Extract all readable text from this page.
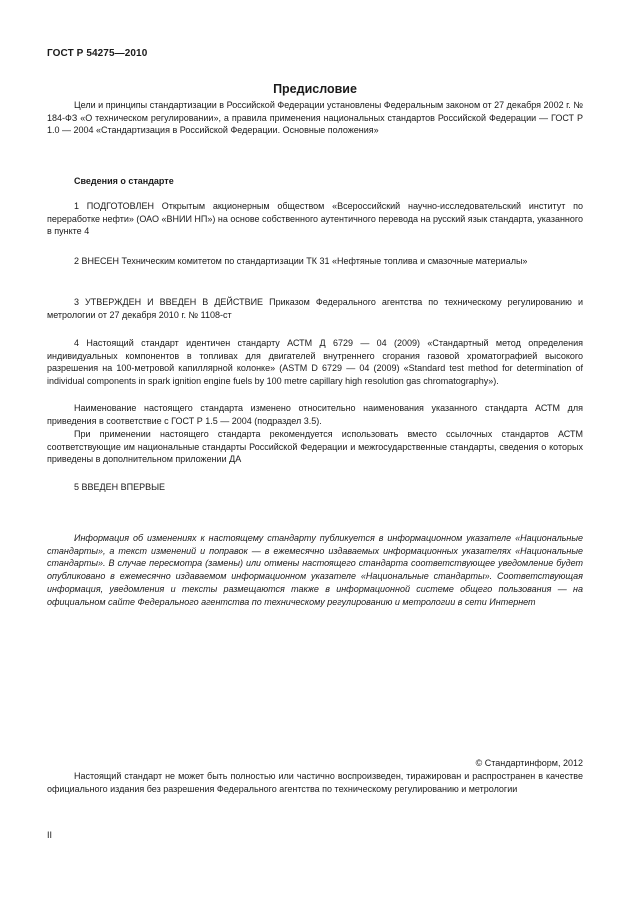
ГОСТ Р 54275—2010
Предисловие

Цели и принципы стандартизации в Российской Федерации установлены Федеральным законом от 27 декабря 2002 г. № 184-ФЗ «О техническом регулировании», а правила применения национальных стандартов Российской Федерации — ГОСТ Р 1.0 — 2004 «Стандартизация в Российской Федерации. Основные положения»

Сведения о стандарте

1 ПОДГОТОВЛЕН Открытым акционерным обществом «Всероссийский научно-исследовательский институт по переработке нефти» (ОАО «ВНИИ НП») на основе собственного аутентичного перевода на русский язык стандарта, указанного в пункте 4

2 ВНЕСЕН Техническим комитетом по стандартизации ТК 31 «Нефтяные топлива и смазочные материалы»

3 УТВЕРЖДЕН И ВВЕДЕН В ДЕЙСТВИЕ Приказом Федерального агентства по техническому регулированию и метрологии от 27 декабря 2010 г. № 1108-ст

4 Настоящий стандарт идентичен стандарту АСТМ Д 6729 — 04 (2009) «Стандартный метод определения индивидуальных компонентов в топливах для двигателей внутреннего сгорания газовой хроматографией высокого разрешения на 100-метровой капиллярной колонке» (ASTM D 6729 — 04 (2009) «Standard test method for determination of individual components in spark ignition engine fuels by 100 metre capillary high resolution gas chromatography»).

Наименование настоящего стандарта изменено относительно наименования указанного стандарта АСТМ для приведения в соответствие с ГОСТ Р 1.5 — 2004 (подраздел 3.5).

При применении настоящего стандарта рекомендуется использовать вместо ссылочных стандартов АСТМ соответствующие им национальные стандарты Российской Федерации и межгосударственные стандарты, сведения о которых приведены в дополнительном приложении ДА

5 ВВЕДЕН ВПЕРВЫЕ

Информация об изменениях к настоящему стандарту публикуется в информационном указателе «Национальные стандарты», а текст изменений и поправок — в ежемесячно издаваемых информационных указателях «Национальные стандарты». В случае пересмотра (замены) или отмены настоящего стандарта соответствующее уведомление будет опубликовано в ежемесячно издаваемом информационном указателе «Национальные стандарты». Соответствующая информация, уведомления и тексты размещаются также в информационной системе общего пользования — на официальном сайте Федерального агентства по техническому регулированию и метрологии в сети Интернет

© Стандартинформ, 2012

Настоящий стандарт не может быть полностью или частично воспроизведен, тиражирован и распространен в качестве официального издания без разрешения Федерального агентства по техническому регулированию и метрологии

II
